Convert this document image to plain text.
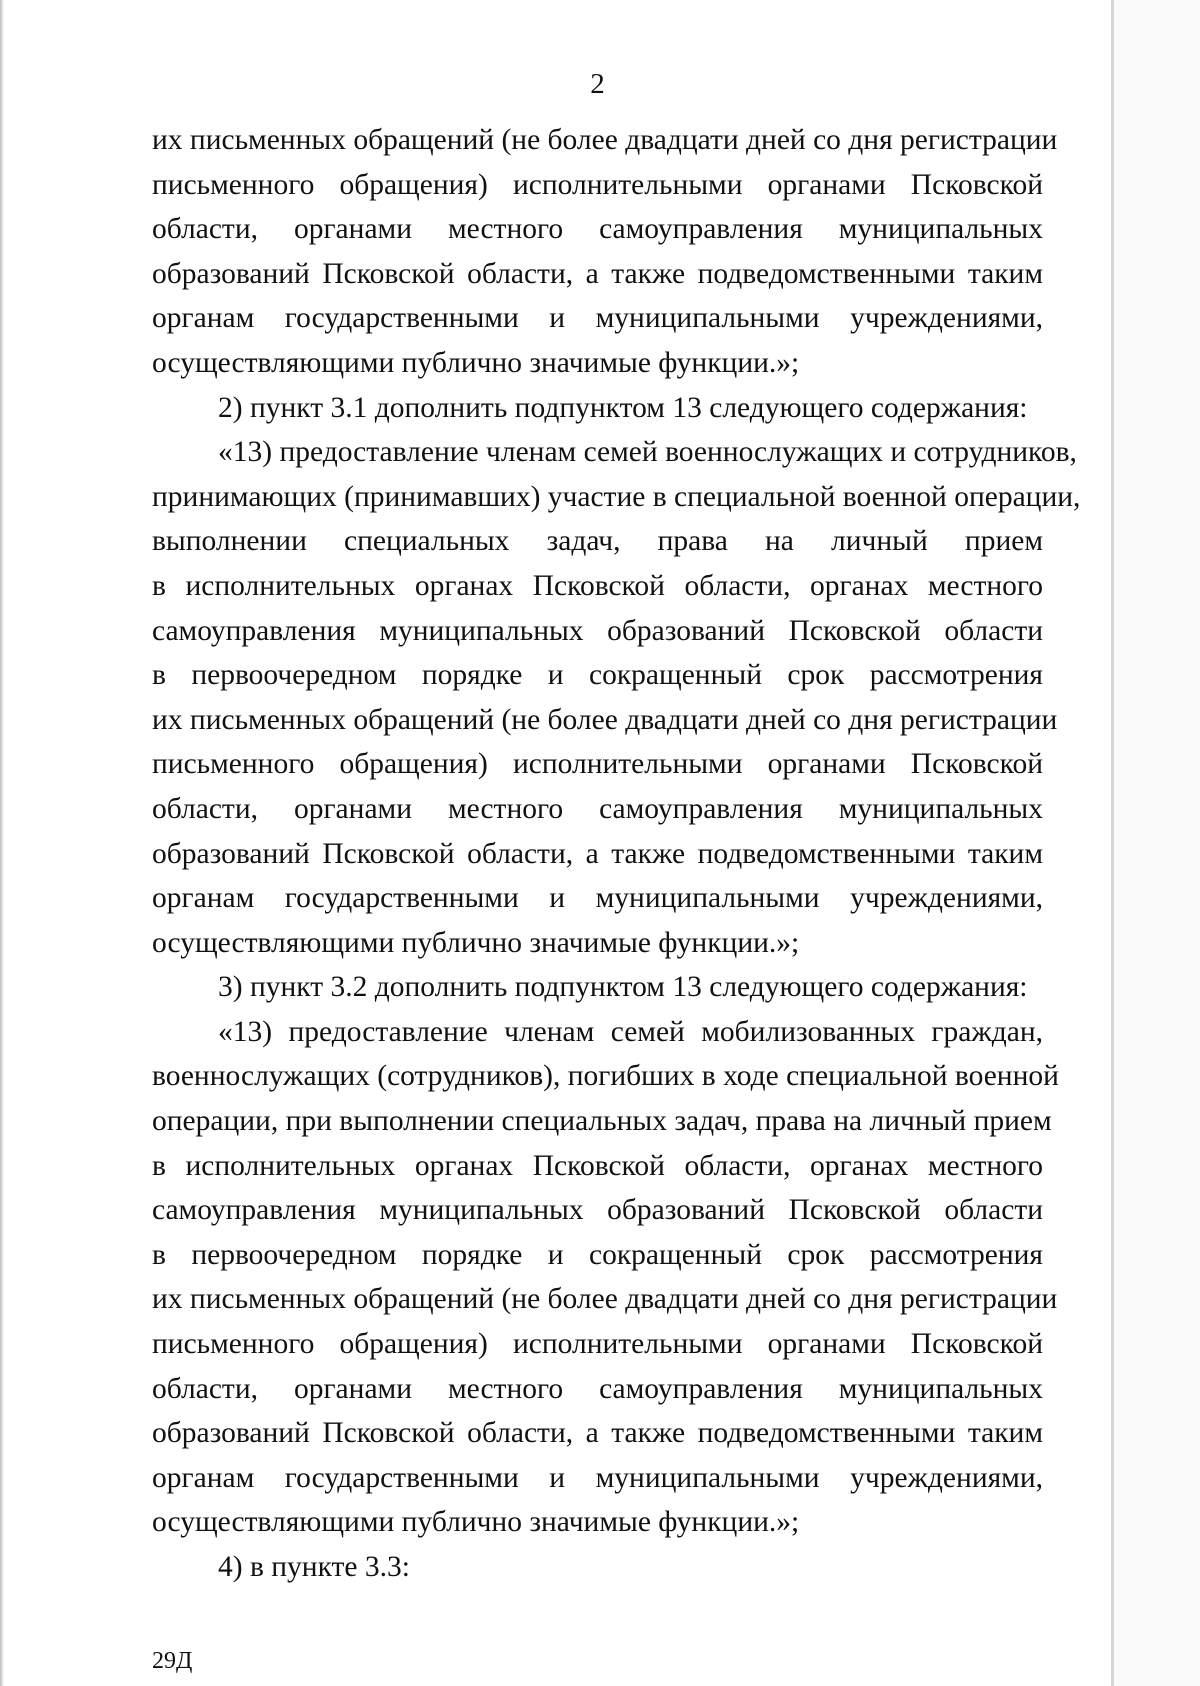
2
их письменных обращений (не более двадцати дней со дня регистрации
письменного обращения) исполнительными органами Псковской
области, органами местного самоуправления муниципальных
образований Псковской области, а также подведомственными таким
органам государственными и муниципальными учреждениями,
осуществляющими публично значимые функции.»;
2) пункт 3.1 дополнить подпунктом 13 следующего содержания:
«13) предоставление членам семей военнослужащих и сотрудников,
принимающих (принимавших) участие в специальной военной операции,
выполнении специальных задач, права на личный прием
в исполнительных органах Псковской области, органах местного
самоуправления муниципальных образований Псковской области
в первоочередном порядке и сокращенный срок рассмотрения
их письменных обращений (не более двадцати дней со дня регистрации
письменного обращения) исполнительными органами Псковской
области, органами местного самоуправления муниципальных
образований Псковской области, а также подведомственными таким
органам государственными и муниципальными учреждениями,
осуществляющими публично значимые функции.»;
3) пункт 3.2 дополнить подпунктом 13 следующего содержания:
«13) предоставление членам семей мобилизованных граждан,
военнослужащих (сотрудников), погибших в ходе специальной военной
операции, при выполнении специальных задач, права на личный прием
в исполнительных органах Псковской области, органах местного
самоуправления муниципальных образований Псковской области
в первоочередном порядке и сокращенный срок рассмотрения
их письменных обращений (не более двадцати дней со дня регистрации
письменного обращения) исполнительными органами Псковской
области, органами местного самоуправления муниципальных
образований Псковской области, а также подведомственными таким
органам государственными и муниципальными учреждениями,
осуществляющими публично значимые функции.»;
4) в пункте 3.3:
29Д
